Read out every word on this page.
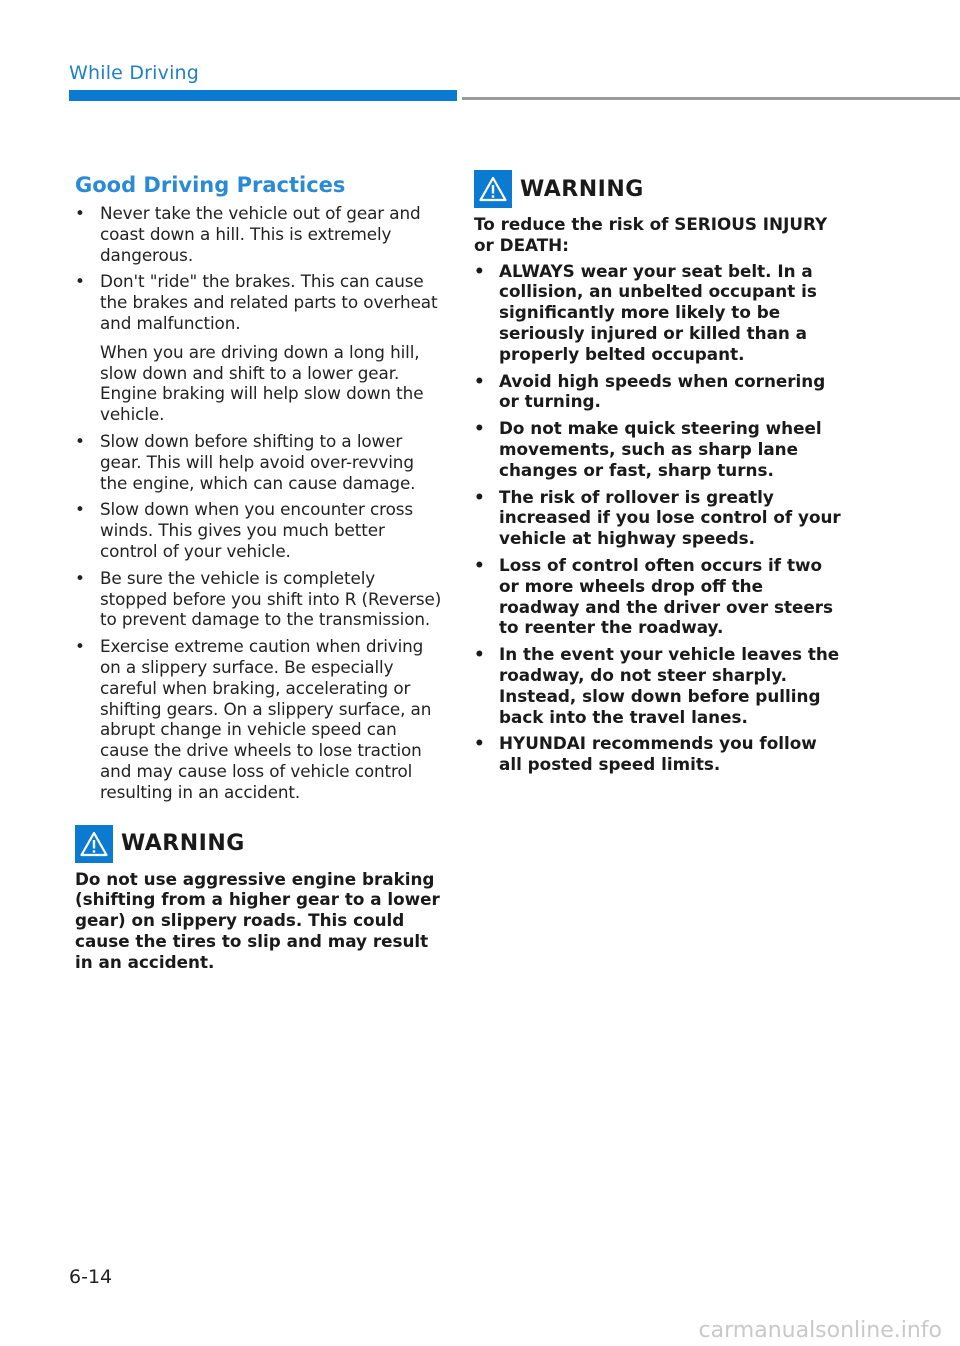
While Driving
Good Driving Practices
• Never take the vehicle out of gear and coast down a hill. This is extremely dangerous.

• Don't "ride" the brakes. This can cause the brakes and related parts to overheat and malfunction.

When you are driving down a long hill, slow down and shift to a lower gear. Engine braking will help slow down the vehicle.

• Slow down before shifting to a lower gear. This will help avoid over-revving the engine, which can cause damage.

• Slow down when you encounter cross winds. This gives you much better control of your vehicle.

• Be sure the vehicle is completely stopped before you shift into R (Reverse) to prevent damage to the transmission.

• Exercise extreme caution when driving on a slippery surface. Be especially careful when braking, accelerating or shifting gears. On a slippery surface, an abrupt change in vehicle speed can cause the drive wheels to lose traction and may cause loss of vehicle control resulting in an accident.

WARNING

Do not use aggressive engine braking (shifting from a higher gear to a lower gear) on slippery roads. This could cause the tires to slip and may result in an accident.

WARNING

To reduce the risk of SERIOUS INJURY or DEATH:

• ALWAYS wear your seat belt. In a collision, an unbelted occupant is significantly more likely to be seriously injured or killed than a properly belted occupant.
• Avoid high speeds when cornering or turning.
• Do not make quick steering wheel movements, such as sharp lane changes or fast, sharp turns.
• The risk of rollover is greatly increased if you lose control of your vehicle at highway speeds.
• Loss of control often occurs if two or more wheels drop off the roadway and the driver over steers to reenter the roadway.
• In the event your vehicle leaves the roadway, do not steer sharply. Instead, slow down before pulling back into the travel lanes.
• HYUNDAI recommends you follow all posted speed limits.
6-14
carmanualsonline.info
